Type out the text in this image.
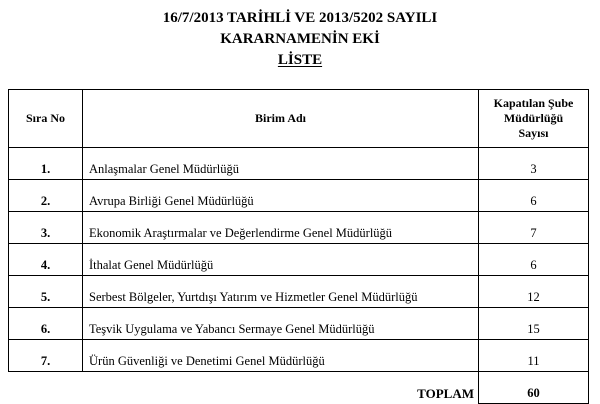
16/7/2013 TARİHLİ VE 2013/5202 SAYILI
KARARNAMENİN EKİ
LİSTE
Sıra No	Birim Adı	Kapatılan Şube
Müdürlüğü
Sayısı
1.	Anlaşmalar Genel Müdürlüğü	3
2.	Avrupa Birliği Genel Müdürlüğü	6
3.	Ekonomik Araştırmalar ve Değerlendirme Genel Müdürlüğü	7
4.	İthalat Genel Müdürlüğü	6
5.	Serbest Bölgeler, Yurtdışı Yatırım ve Hizmetler Genel Müdürlüğü	12
6.	Teşvik Uygulama ve Yabancı Sermaye Genel Müdürlüğü	15
7.	Ürün Güvenliği ve Denetimi Genel Müdürlüğü	11
	TOPLAM	60
